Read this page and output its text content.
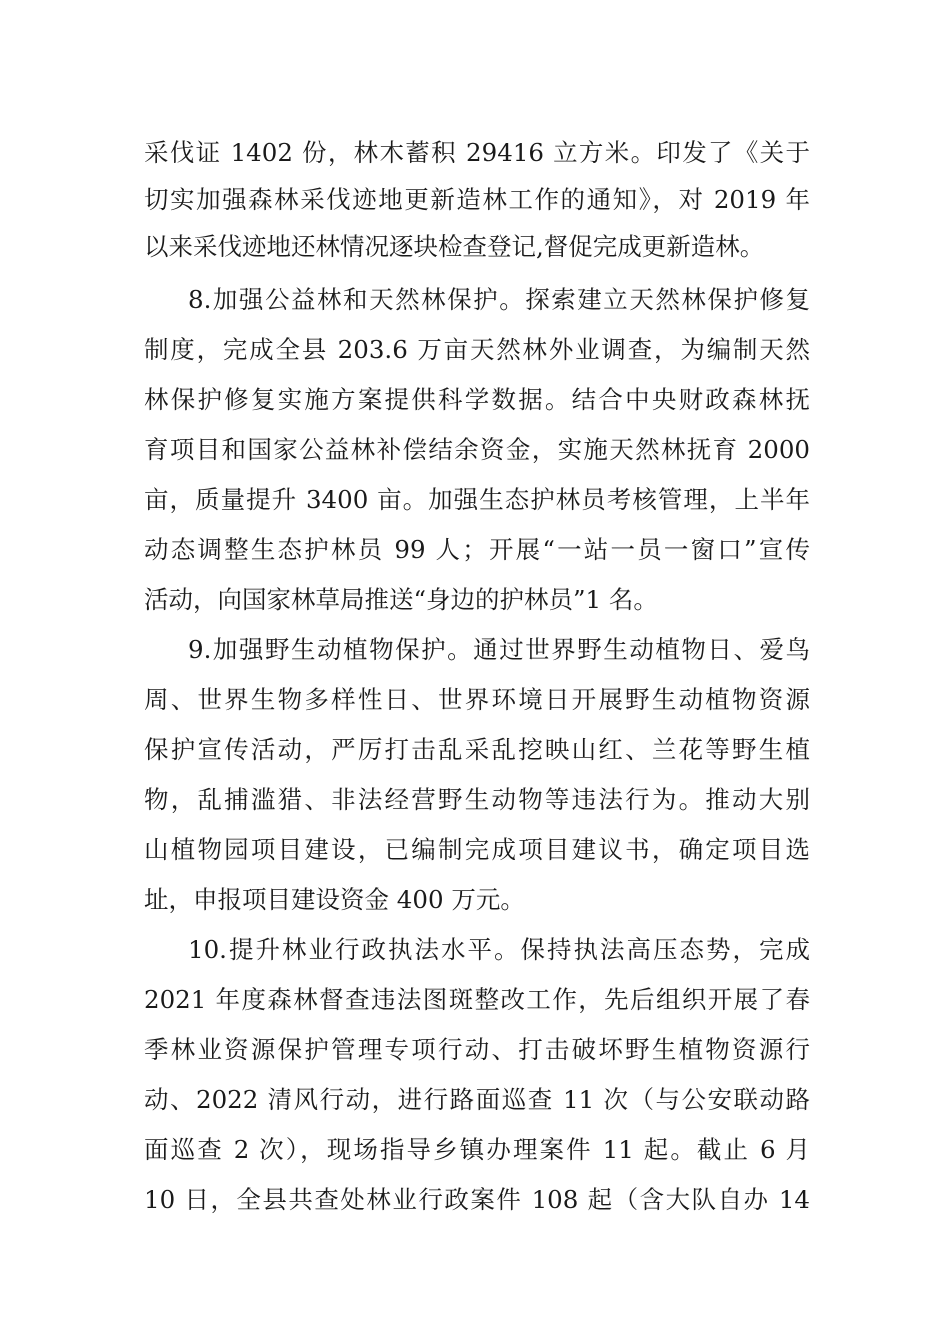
采伐证 1402 份，林木蓄积 29416 立方米。印发了《关于
切实加强森林采伐迹地更新造林工作的通知》，对 2019 年
以来采伐迹地还林情况逐块检查登记,督促完成更新造林。
8.加强公益林和天然林保护。探索建立天然林保护修复
制度，完成全县 203.6 万亩天然林外业调查，为编制天然
林保护修复实施方案提供科学数据。结合中央财政森林抚
育项目和国家公益林补偿结余资金，实施天然林抚育 2000
亩，质量提升 3400 亩。加强生态护林员考核管理，上半年
动态调整生态护林员 99 人；开展“一站一员一窗口”宣传
活动，向国家林草局推送“身边的护林员”1 名。
9.加强野生动植物保护。通过世界野生动植物日、爱鸟
周、世界生物多样性日、世界环境日开展野生动植物资源
保护宣传活动，严厉打击乱采乱挖映山红、兰花等野生植
物，乱捕滥猎、非法经营野生动物等违法行为。推动大别
山植物园项目建设，已编制完成项目建议书，确定项目选
址，申报项目建设资金 400 万元。
10.提升林业行政执法水平。保持执法高压态势，完成
2021 年度森林督查违法图斑整改工作，先后组织开展了春
季林业资源保护管理专项行动、打击破坏野生植物资源行
动、2022 清风行动，进行路面巡查 11 次（与公安联动路
面巡查 2 次），现场指导乡镇办理案件 11 起。截止 6 月
10 日，全县共查处林业行政案件 108 起（含大队自办 14
